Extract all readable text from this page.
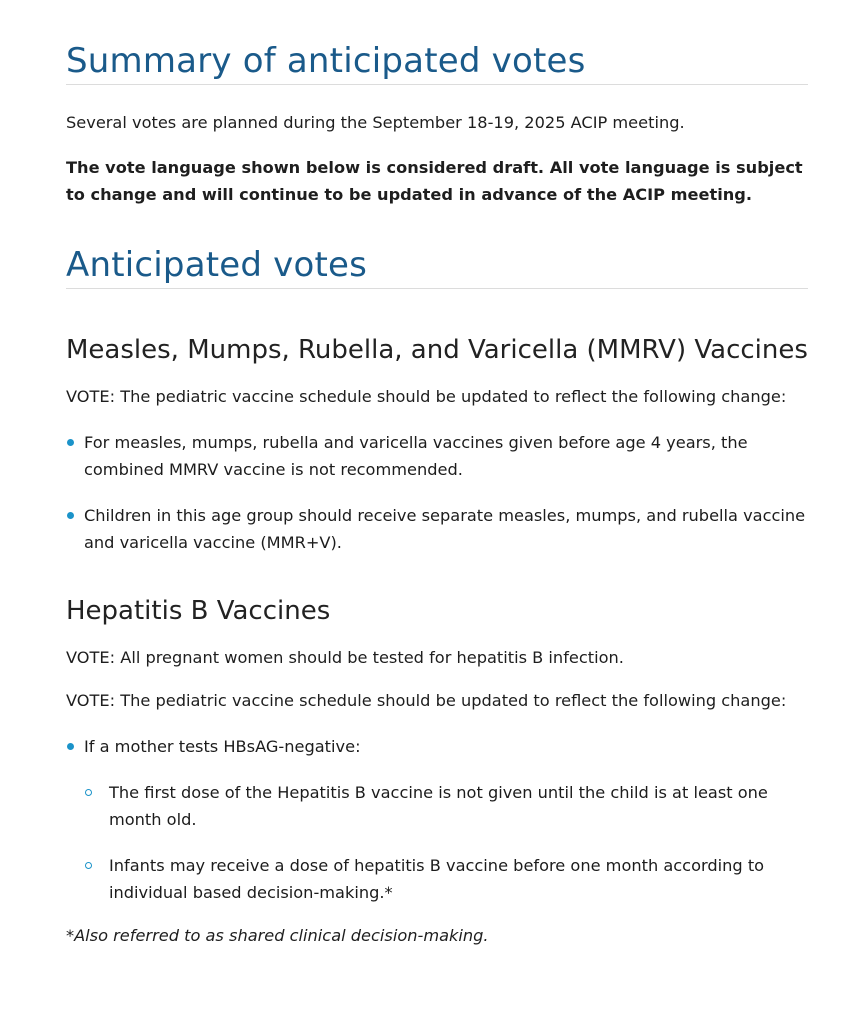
Summary of anticipated votes

Several votes are planned during the September 18-19, 2025 ACIP meeting.

The vote language shown below is considered draft. All vote language is subject to change and will continue to be updated in advance of the ACIP meeting.

Anticipated votes
Measles, Mumps, Rubella, and Varicella (MMRV) Vaccines

VOTE: The pediatric vaccine schedule should be updated to reflect the following change:

For measles, mumps, rubella and varicella vaccines given before age 4 years, the combined MMRV vaccine is not recommended.
Children in this age group should receive separate measles, mumps, and rubella vaccine and varicella vaccine (MMR+V).
Hepatitis B Vaccines

VOTE: All pregnant women should be tested for hepatitis B infection.

VOTE: The pediatric vaccine schedule should be updated to reflect the following change:

If a mother tests HBsAG-negative:
The first dose of the Hepatitis B vaccine is not given until the child is at least one month old.
Infants may receive a dose of hepatitis B vaccine before one month according to individual based decision-making.*

*Also referred to as shared clinical decision-making.
